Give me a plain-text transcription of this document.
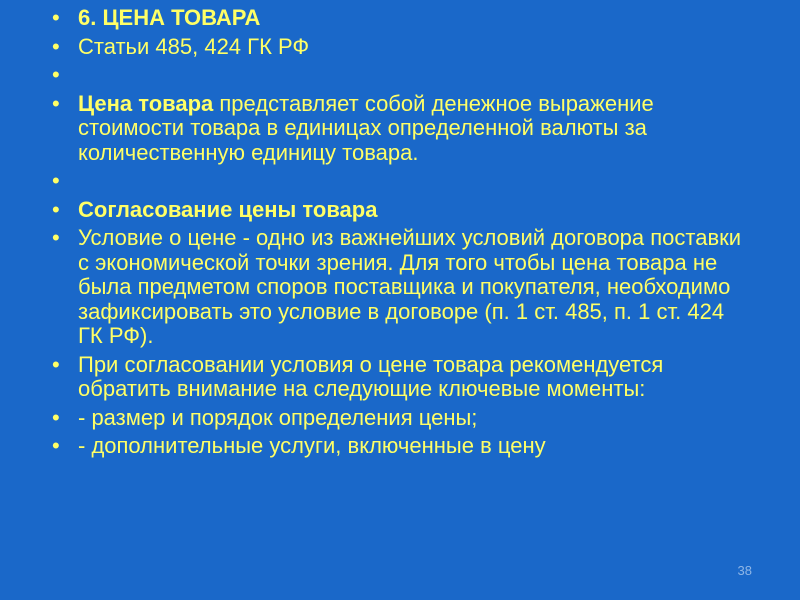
• 6. ЦЕНА ТОВАРА
• Статьи 485, 424 ГК РФ
•

• Цена товара представляет собой денежное выражение стоимости товара в единицах определенной валюты за количественную единицу товара.
•

• Согласование цены товара
• Условие о цене - одно из важнейших условий договора поставки с экономической точки зрения. Для того чтобы цена товара не была предметом споров поставщика и покупателя, необходимо зафиксировать это условие в договоре (п. 1 ст. 485, п. 1 ст. 424 ГК РФ).
• При согласовании условия о цене товара рекомендуется обратить внимание на следующие ключевые моменты:
• - размер и порядок определения цены;
• - дополнительные услуги, включенные в цену
38
